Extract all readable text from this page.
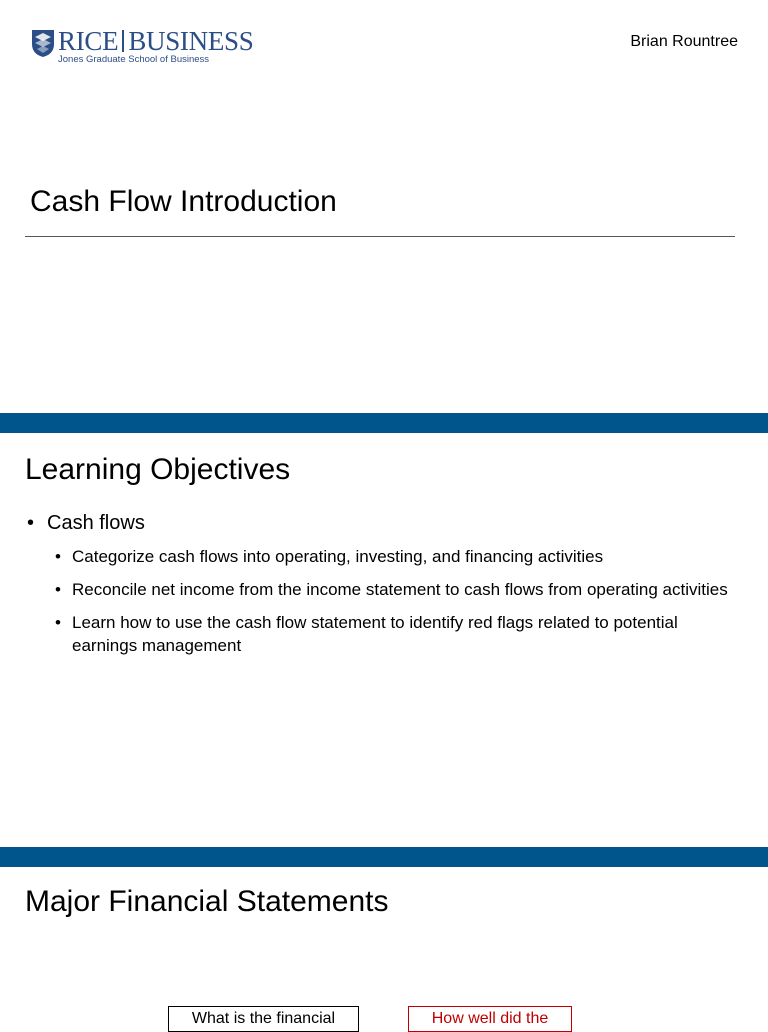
RICE BUSINESS
Jones Graduate School of Business
Brian Rountree
Cash Flow Introduction
Learning Objectives
• Cash flows
• Categorize cash flows into operating, investing, and financing activities
• Reconcile net income from the income statement to cash flows from operating activities
• Learn how to use the cash flow statement to identify red flags related to potential earnings management
Major Financial Statements
What is the financial	How well did the
